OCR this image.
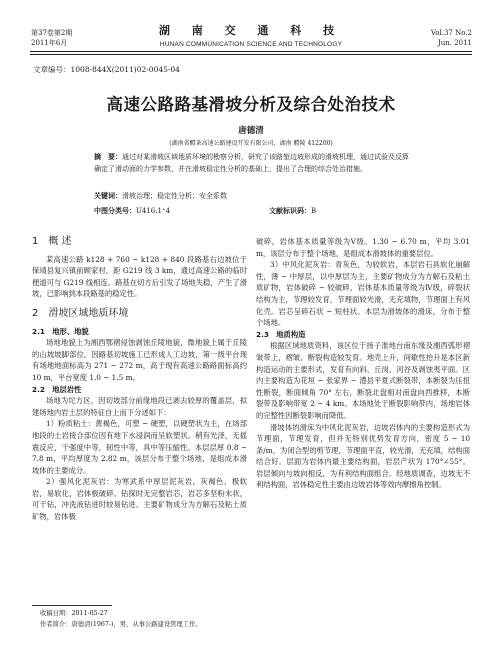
第37卷第2期
2011年6月
湖 南 交 通 科 技
HUNAN COMMUNICATION SCIENCE AND TECHNOLOGY
Vol.37 No.2
Jun. 2011
文章编号：1008-844X(2011)02-0045-04
高速公路路基滑坡分析及综合处治技术
唐德清
(湖南省醴茶高速公路建设开发有限公司，湖南 醴陵 412200)
摘　要：通过对某滑坡区域地质环境的勘察分析，研究了该路堑边坡形成的滑坡机理，通过试验及反算确定了滑动面的力学参数，并在滑坡稳定性分析的基础上，提出了合理的综合处治措施。
关键词：滑坡治理；稳定性分析；安全系数
中图分类号：U416.1⁺4	文献标识码：B
1　概 述

某高速公路 k128 + 760 ~ k128 + 840 段路基右边坡位于保靖县复兴镇前顾家村，距 G219 线 3 km，通过高速公路的临时便道可与 G219 线相连。路基在切方后引发了场地失稳，产生了滑坡，已影响到本段路基的稳定性。

2　滑坡区域地质环境

2.1　地形、地貌

场地地貌上为湘西鄂褶侵蚀剥蚀丘陵地貌，微地貌上属于丘陵的山坡坡脚部位。因路基切坡施工已形成人工边坡，第一级平台现有场地地面标高为 271 ~ 272 m，高于现有高速公路路面标高约 10 m，平台宽度 1.0 ~ 1.5 m。

2.2　地层岩性

场地为坨方区，因切坡部分前缘地段已剥去较厚的覆盖层，拟建场地内岩土层的特征自上而下分述如下：

1）粉质粘土：黄褐色，可塑 ~ 硬塑，以硬塑状为主，在场部地段的土岩接合部位因有地下水浸润而呈软塑状。稍有光泽，无摇震反应，干强度中等，韧性中等，具中等压缩性。本层层厚 0.8 ~ 7.8 m，平均厚度为 2.82 m，该层分布于整个场地，是组成本滑坡体的主要成分。

2）强风化泥灰岩：为寒武系中厚层泥灰岩，灰褐色，极软岩，易软化，岩体极破碎。钻探时无完整岩芯，岩芯多坚粉末状，可干钻，冲洗液钻进时较易钻进。主要矿物成分为方解石及粘土质矿物，岩体极

破碎，岩体基本质量等级为Ⅴ级。1.30 ~ 6.70 m，平均 3.01 m，该层分布于整个场地，是组成本滑坡体的重要层位。

3）中风化泥灰岩：青灰色，为较软岩，本层岩石具软化崩解性，薄 ~ 中厚层，以中厚层为主，主要矿物成分为方解石及粘土质矿物，岩体破碎 ~ 较破碎，岩体基本质量等级为Ⅳ级，碎裂状结构为主，节理较发育，节理面较光滑，无充填物，节理面上有风化壳。岩芯呈碎石状 ~ 短柱状。本层为滑坡体的滑床，分布于整个场地。

2.3　地质构造

根据区域地质资料，该区位于扬子准地台南东缘及湘西弧形褶皱带上，褶皱、断裂构造较发育。地壳上升，间歇性抬升是本区新构造运动的主要形式，发育有向斜、丘岗、河谷及剥蚀夷平面。区内主要构造为花垣 ~ 张家界 ~ 澧县平夏式断裂带，本断裂为压扭性断裂，断面倾角 70° 左右，断裂北盘相对南盘向西推移，本断裂带及影响带宽 2 ~ 4 km。本场地处于断裂影响带内，场地岩体的完整性因断裂影响而降低。

滑坡体的滑床为中风化泥灰岩，边坡岩体内的主要构造形式为节理面，节理发育，但并无特别优势发育方向，密度 5 ~ 10 条/m，为闭合型的剪节理，节理面平直，较光滑，无充填，结构面结合好。层面为岩体内最主要结构面，岩层产状为 170°∠55°。岩层倾向与坡向相反，为有利结构面组合。经地质调查，边坡无不利结构面，岩体稳定性主要由边坡岩体等效内摩擦角控制。

收稿日期：2011-05-27
作者简介：唐德清(1967-)，男，从事公路建设管理工作。
